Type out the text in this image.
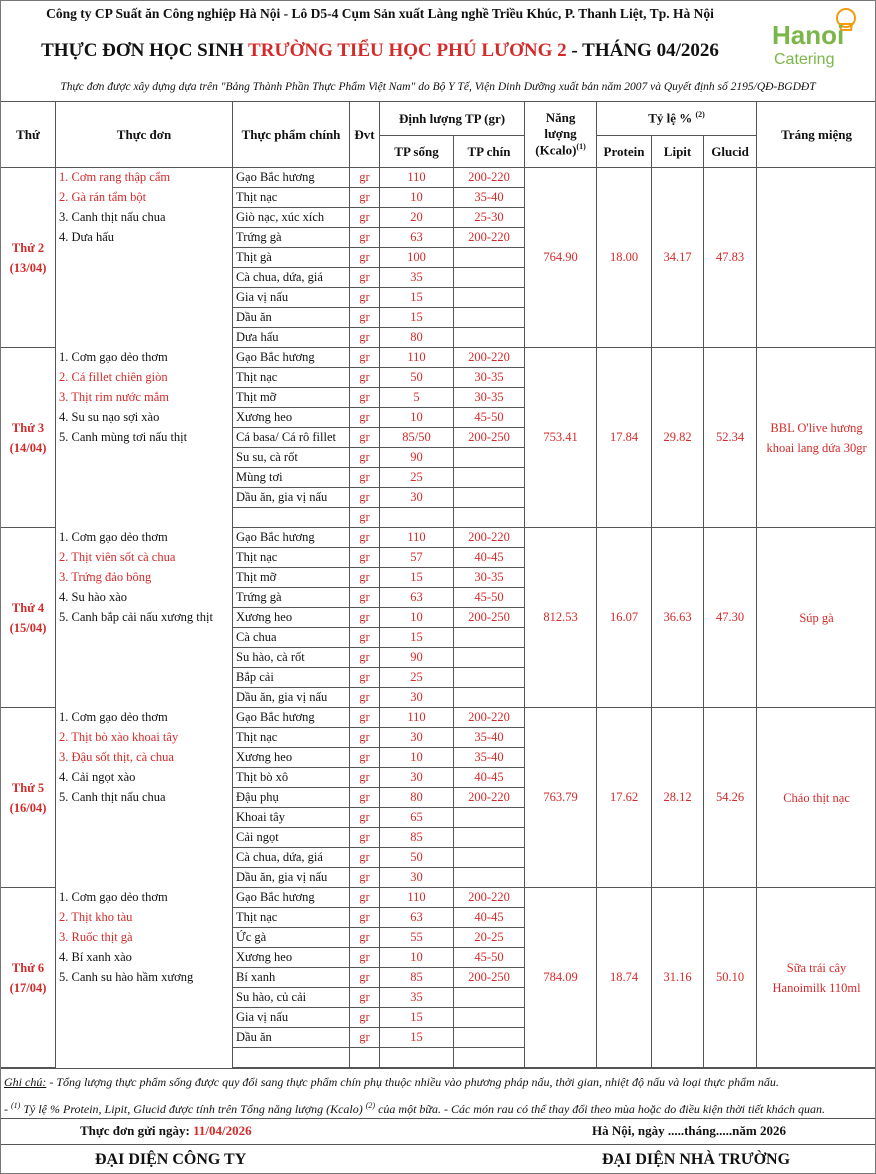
Công ty CP Suất ăn Công nghiệp Hà Nội - Lô D5-4 Cụm Sản xuất Làng nghề Triều Khúc, P. Thanh Liệt, Tp. Hà Nội
THỰC ĐƠN HỌC SINH TRƯỜNG TIỂU HỌC PHÚ LƯƠNG 2 - THÁNG 04/2026
Hanoi
Catering
Thực đơn được xây dựng dựa trên "Bảng Thành Phần Thực Phẩm Việt Nam" do Bộ Y Tế, Viện Dinh Dưỡng xuất bản năm 2007 và Quyết định số 2195/QĐ-BGDĐT
Thứ	Thực đơn	Thực phẩm chính	Đvt	Định lượng TP (gr)		Năng lượng (Kcalo)$^{(1)}$	Tỷ lệ % $^{(2)}$			Tráng miệng
				TP sống	TP chín		Protein	Lipit	Glucid	

Thứ 2
(13/04)	1. Cơm rang thập cẩm	Gạo Bắc hương	gr	110	200-220	764.90	18.00	34.17	47.83	
	2. Gà rán tẩm bột	Thịt nạc	gr	10	35-40					
	3. Canh thịt nấu chua	Giò nạc, xúc xích	gr	20	25-30					
	4. Dưa hấu	Trứng gà	gr	63	200-220					
		Thịt gà	gr	100						
		Cà chua, dứa, giá	gr	35						
		Gia vị nấu	gr	15						
		Dầu ăn	gr	15						
		Dưa hấu	gr	80						

Thứ 3
(14/04)	1. Cơm gạo dẻo thơm	Gạo Bắc hương	gr	110	200-220	753.41	17.84	29.82	52.34	BBL O'live hương khoai lang dứa 30gr
	2. Cá fillet chiên giòn	Thịt nạc	gr	50	30-35					
	3. Thịt rim nước mắm	Thịt mỡ	gr	5	30-35					
	4. Su su nạo sợi xào	Xương heo	gr	10	45-50					
	5. Canh mùng tơi nấu thịt	Cá basa/ Cá rô fillet	gr	85/50	200-250					
		Su su, cà rốt	gr	90						
		Mùng tơi	gr	25						
		Dầu ăn, gia vị nấu	gr	30						
			gr							

Thứ 4
(15/04)	1. Cơm gạo dẻo thơm	Gạo Bắc hương	gr	110	200-220	812.53	16.07	36.63	47.30	Súp gà
	2. Thịt viên sốt cà chua	Thịt nạc	gr	57	40-45					
	3. Trứng đảo bông	Thịt mỡ	gr	15	30-35					
	4. Su hào xào	Trứng gà	gr	63	45-50					
	5. Canh bắp cải nấu xương thịt	Xương heo	gr	10	200-250					
		Cà chua	gr	15						
		Su hào, cà rốt	gr	90						
		Bắp cải	gr	25						
		Dầu ăn, gia vị nấu	gr	30						

Thứ 5
(16/04)	1. Cơm gạo dẻo thơm	Gạo Bắc hương	gr	110	200-220	763.79	17.62	28.12	54.26	Cháo thịt nạc
	2. Thịt bò xào khoai tây	Thịt nạc	gr	30	35-40					
	3. Đậu sốt thịt, cà chua	Xương heo	gr	10	35-40					
	4. Cải ngọt xào	Thịt bò xô	gr	30	40-45					
	5. Canh thịt nấu chua	Đậu phụ	gr	80	200-220					
		Khoai tây	gr	65						
		Cải ngọt	gr	85						
		Cà chua, dứa, giá	gr	50						
		Dầu ăn, gia vị nấu	gr	30						

Thứ 6
(17/04)	1. Cơm gạo dẻo thơm	Gạo Bắc hương	gr	110	200-220	784.09	18.74	31.16	50.10	Sữa trái cây Hanoimilk 110ml
	2. Thịt kho tàu	Thịt nạc	gr	63	40-45					
	3. Ruốc thịt gà	Ức gà	gr	55	20-25					
	4. Bí xanh xào	Xương heo	gr	10	45-50					
	5. Canh su hào hầm xương	Bí xanh	gr	85	200-250					
		Su hào, củ cải	gr	35						
		Gia vị nấu	gr	15						
		Dầu ăn	gr	15						

Ghi chú: - Tổng lượng thực phẩm sống được quy đổi sang thực phẩm chín phụ thuộc nhiều vào phương pháp nấu, thời gian, nhiệt độ nấu và loại thực phẩm nấu.
- $^{(1)}$ Tỷ lệ % Protein, Lipit, Glucid được tính trên Tổng năng lượng (Kcalo) $^{(2)}$ của một bữa. - Các món rau có thể thay đổi theo mùa hoặc do điều kiện thời tiết khách quan.
Thực đơn gửi ngày: 11/04/2026	Hà Nội, ngày .....tháng.....năm 2026
ĐẠI DIỆN CÔNG TY	ĐẠI DIỆN NHÀ TRƯỜNG
